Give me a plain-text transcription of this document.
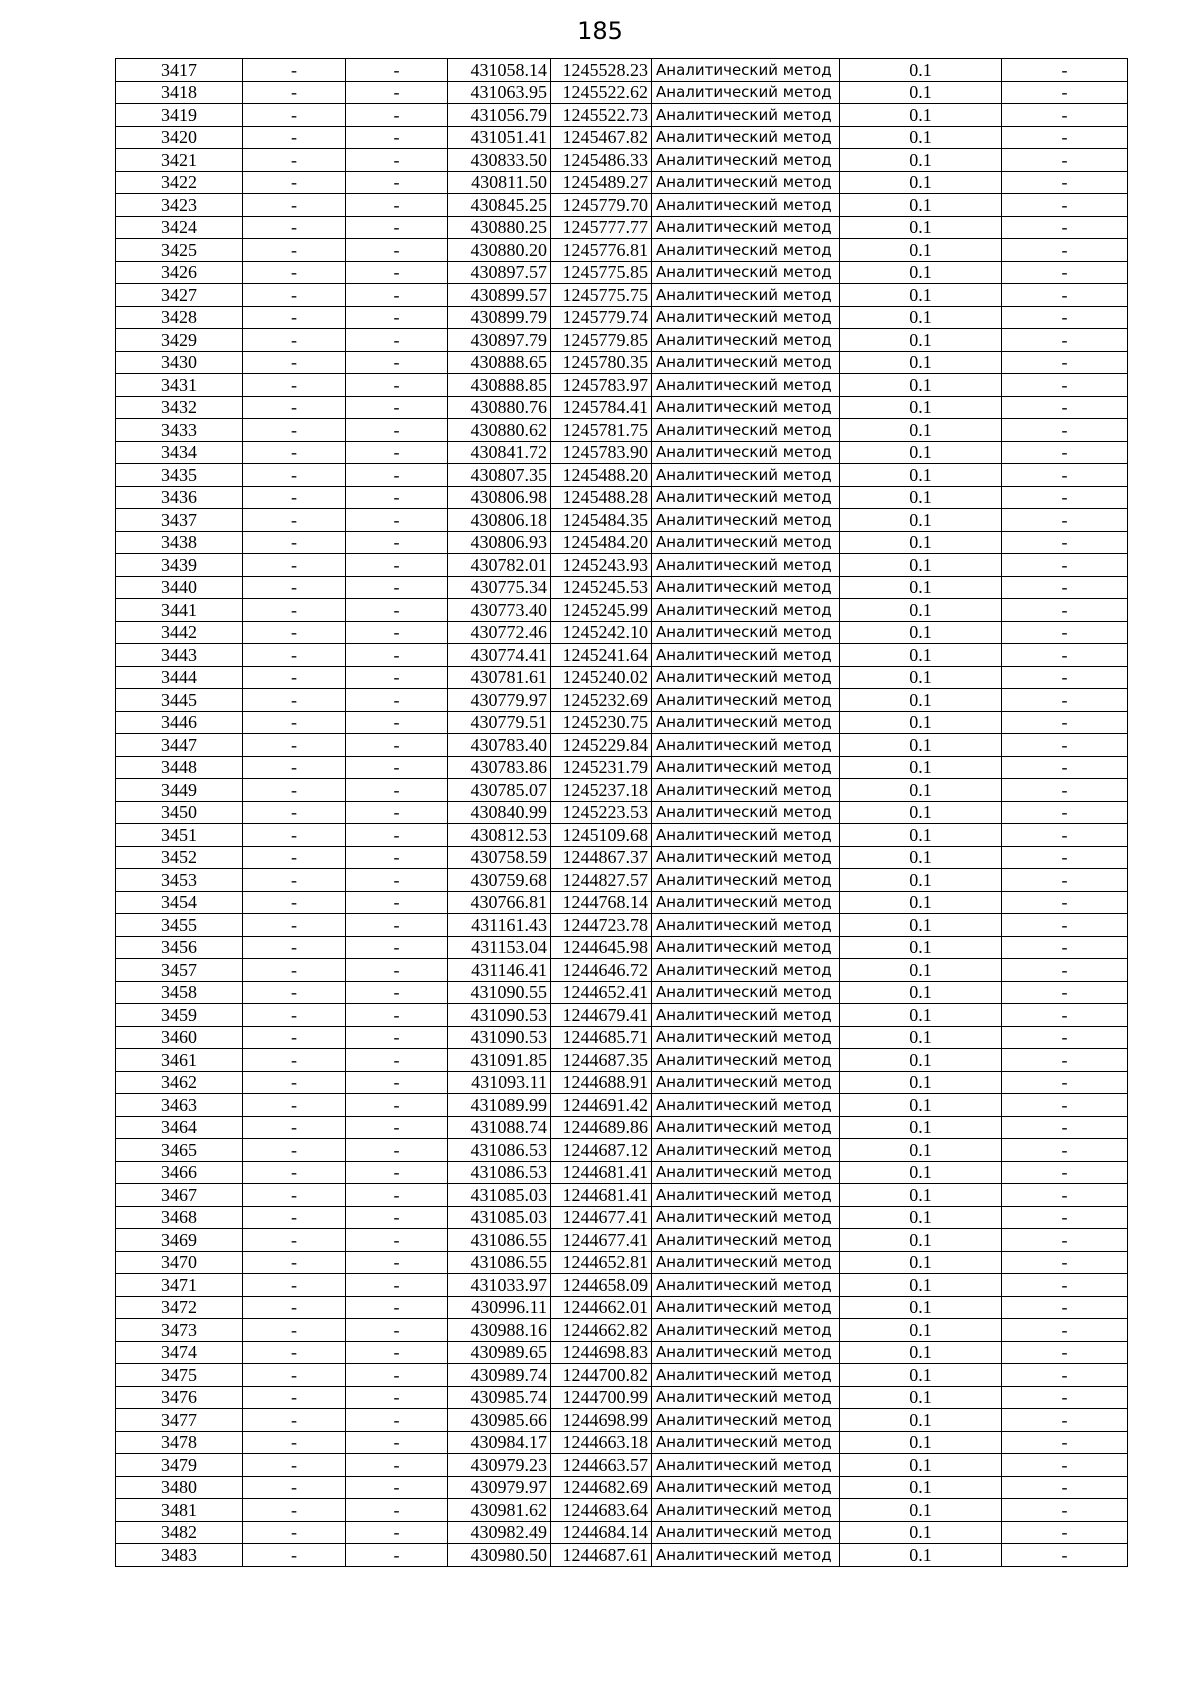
185
3417	-	-	431058.14	1245528.23	Аналитический метод	0.1	-
3418	-	-	431063.95	1245522.62	Аналитический метод	0.1	-
3419	-	-	431056.79	1245522.73	Аналитический метод	0.1	-
3420	-	-	431051.41	1245467.82	Аналитический метод	0.1	-
3421	-	-	430833.50	1245486.33	Аналитический метод	0.1	-
3422	-	-	430811.50	1245489.27	Аналитический метод	0.1	-
3423	-	-	430845.25	1245779.70	Аналитический метод	0.1	-
3424	-	-	430880.25	1245777.77	Аналитический метод	0.1	-
3425	-	-	430880.20	1245776.81	Аналитический метод	0.1	-
3426	-	-	430897.57	1245775.85	Аналитический метод	0.1	-
3427	-	-	430899.57	1245775.75	Аналитический метод	0.1	-
3428	-	-	430899.79	1245779.74	Аналитический метод	0.1	-
3429	-	-	430897.79	1245779.85	Аналитический метод	0.1	-
3430	-	-	430888.65	1245780.35	Аналитический метод	0.1	-
3431	-	-	430888.85	1245783.97	Аналитический метод	0.1	-
3432	-	-	430880.76	1245784.41	Аналитический метод	0.1	-
3433	-	-	430880.62	1245781.75	Аналитический метод	0.1	-
3434	-	-	430841.72	1245783.90	Аналитический метод	0.1	-
3435	-	-	430807.35	1245488.20	Аналитический метод	0.1	-
3436	-	-	430806.98	1245488.28	Аналитический метод	0.1	-
3437	-	-	430806.18	1245484.35	Аналитический метод	0.1	-
3438	-	-	430806.93	1245484.20	Аналитический метод	0.1	-
3439	-	-	430782.01	1245243.93	Аналитический метод	0.1	-
3440	-	-	430775.34	1245245.53	Аналитический метод	0.1	-
3441	-	-	430773.40	1245245.99	Аналитический метод	0.1	-
3442	-	-	430772.46	1245242.10	Аналитический метод	0.1	-
3443	-	-	430774.41	1245241.64	Аналитический метод	0.1	-
3444	-	-	430781.61	1245240.02	Аналитический метод	0.1	-
3445	-	-	430779.97	1245232.69	Аналитический метод	0.1	-
3446	-	-	430779.51	1245230.75	Аналитический метод	0.1	-
3447	-	-	430783.40	1245229.84	Аналитический метод	0.1	-
3448	-	-	430783.86	1245231.79	Аналитический метод	0.1	-
3449	-	-	430785.07	1245237.18	Аналитический метод	0.1	-
3450	-	-	430840.99	1245223.53	Аналитический метод	0.1	-
3451	-	-	430812.53	1245109.68	Аналитический метод	0.1	-
3452	-	-	430758.59	1244867.37	Аналитический метод	0.1	-
3453	-	-	430759.68	1244827.57	Аналитический метод	0.1	-
3454	-	-	430766.81	1244768.14	Аналитический метод	0.1	-
3455	-	-	431161.43	1244723.78	Аналитический метод	0.1	-
3456	-	-	431153.04	1244645.98	Аналитический метод	0.1	-
3457	-	-	431146.41	1244646.72	Аналитический метод	0.1	-
3458	-	-	431090.55	1244652.41	Аналитический метод	0.1	-
3459	-	-	431090.53	1244679.41	Аналитический метод	0.1	-
3460	-	-	431090.53	1244685.71	Аналитический метод	0.1	-
3461	-	-	431091.85	1244687.35	Аналитический метод	0.1	-
3462	-	-	431093.11	1244688.91	Аналитический метод	0.1	-
3463	-	-	431089.99	1244691.42	Аналитический метод	0.1	-
3464	-	-	431088.74	1244689.86	Аналитический метод	0.1	-
3465	-	-	431086.53	1244687.12	Аналитический метод	0.1	-
3466	-	-	431086.53	1244681.41	Аналитический метод	0.1	-
3467	-	-	431085.03	1244681.41	Аналитический метод	0.1	-
3468	-	-	431085.03	1244677.41	Аналитический метод	0.1	-
3469	-	-	431086.55	1244677.41	Аналитический метод	0.1	-
3470	-	-	431086.55	1244652.81	Аналитический метод	0.1	-
3471	-	-	431033.97	1244658.09	Аналитический метод	0.1	-
3472	-	-	430996.11	1244662.01	Аналитический метод	0.1	-
3473	-	-	430988.16	1244662.82	Аналитический метод	0.1	-
3474	-	-	430989.65	1244698.83	Аналитический метод	0.1	-
3475	-	-	430989.74	1244700.82	Аналитический метод	0.1	-
3476	-	-	430985.74	1244700.99	Аналитический метод	0.1	-
3477	-	-	430985.66	1244698.99	Аналитический метод	0.1	-
3478	-	-	430984.17	1244663.18	Аналитический метод	0.1	-
3479	-	-	430979.23	1244663.57	Аналитический метод	0.1	-
3480	-	-	430979.97	1244682.69	Аналитический метод	0.1	-
3481	-	-	430981.62	1244683.64	Аналитический метод	0.1	-
3482	-	-	430982.49	1244684.14	Аналитический метод	0.1	-
3483	-	-	430980.50	1244687.61	Аналитический метод	0.1	-
